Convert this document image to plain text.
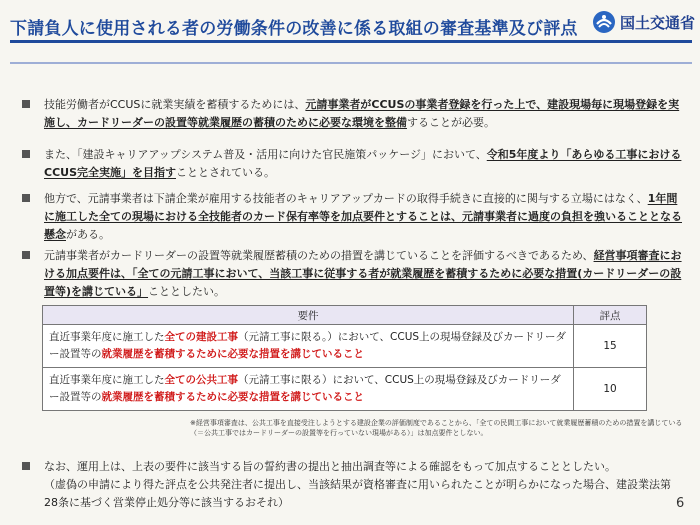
下請負人に使用される者の労働条件の改善に係る取組の審査基準及び評点	国土交通省
技能労働者がCCUSに就業実績を蓄積するためには、元請事業者がCCUSの事業者登録を行った上で、建設現場毎に現場登録を実施し、カードリーダーの設置等就業履歴の蓄積のために必要な環境を整備することが必要。
また、「建設キャリアアップシステム普及・活用に向けた官民施策パッケージ」において、令和5年度より「あらゆる工事におけるCCUS完全実施」を目指すこととされている。
他方で、元請事業者は下請企業が雇用する技能者のキャリアアップカードの取得手続きに直接的に関与する立場にはなく、1年間に施工した全ての現場における全技能者のカード保有率等を加点要件とすることは、元請事業者に過度の負担を強いることとなる懸念がある。
元請事業者がカードリーダーの設置等就業履歴蓄積のための措置を講じていることを評価するべきであるため、経営事項審査における加点要件は、「全ての元請工事において、当該工事に従事する者が就業履歴を蓄積するために必要な措置(カードリーダーの設置等)を講じている」こととしたい。
要件	評点
直近事業年度に施工した全ての建設工事（元請工事に限る。）において、CCUS上の現場登録及びカードリーダー設置等の就業履歴を蓄積するために必要な措置を講じていること	15
直近事業年度に施工した全ての公共工事（元請工事に限る）において、CCUS上の現場登録及びカードリーダー設置等の就業履歴を蓄積するために必要な措置を講じていること	10
※経営事項審査は、公共工事を直接受注しようとする建設企業の評価制度であることから、「全ての民間工事において就業履歴蓄積のための措置を講じている（＝公共工事ではカードリーダーの設置等を行っていない現場がある）」は加点要件としない。
なお、運用上は、上表の要件に該当する旨の誓約書の提出と抽出調査等による確認をもって加点することとしたい。
（虚偽の申請により得た評点を公共発注者に提出し、当該結果が資格審査に用いられたことが明らかになった場合、建設業法第28条に基づく営業停止処分等に該当するおそれ）	6
